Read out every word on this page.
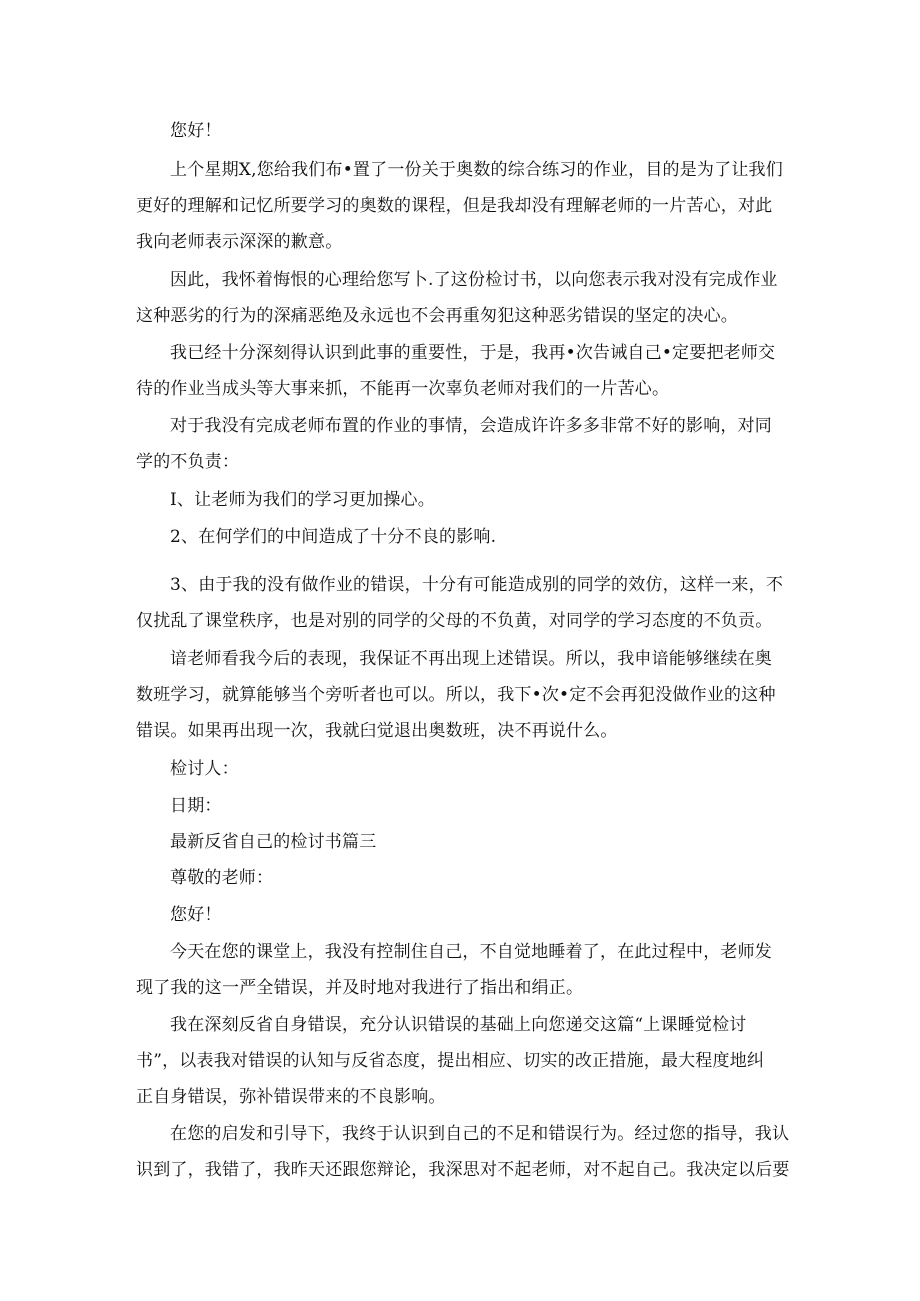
您好！

上个星期X,您给我们布•置了一份关于奥数的综合练习的作业，目的是为了让我们

更好的理解和记忆所要学习的奥数的课程，但是我却没有理解老师的一片苦心，对此

我向老师表示深深的歉意。

因此，我怀着悔恨的心理给您写卜.了这份检讨书，以向您表示我对没有完成作业

这种恶劣的行为的深痛恶绝及永远也不会再重匆犯这种恶劣错误的坚定的决心。

我已经十分深刻得认识到此事的重要性，于是，我再•次告诫自己•定要把老师交

待的作业当成头等大事来抓，不能再一次辜负老师对我们的一片苦心。

对于我没有完成老师布置的作业的事情，会造成许许多多非常不好的影响，对同

学的不负责：

I、让老师为我们的学习更加操心。

2、在何学们的中间造成了十分不良的影响.

3、由于我的没有做作业的错误，十分有可能造成别的同学的效仿，这样一来，不

仅扰乱了课堂秩序，也是对别的同学的父母的不负黄，对同学的学习态度的不负贡。

谙老师看我今后的表现，我保证不再出现上述错误。所以，我申谙能够继续在奥

数班学习，就算能够当个旁听者也可以。所以，我下•次•定不会再犯没做作业的这种

错误。如果再出现一次，我就臼觉退出奥数班，决不再说什么。

检讨人：

日期：

最新反省自己的检讨书篇三

尊敬的老师：

您好！

今天在您的课堂上，我没有控制住自己，不自觉地睡着了，在此过程中，老师发

现了我的这一严全错误，并及时地对我进行了指出和绢正。

我在深刻反省自身错误，充分认识错误的基础上向您递交这篇“上课睡觉检讨

书”，以表我对错误的认知与反省态度，提出相应、切实的改正措施，最大程度地纠

正自身错误，弥补错误带来的不良影响。

在您的启发和引导下，我终于认识到自己的不足和错误行为。经过您的指导，我认

识到了，我错了，我昨天还跟您辩论，我深思对不起老师，对不起自己。我决定以后要
